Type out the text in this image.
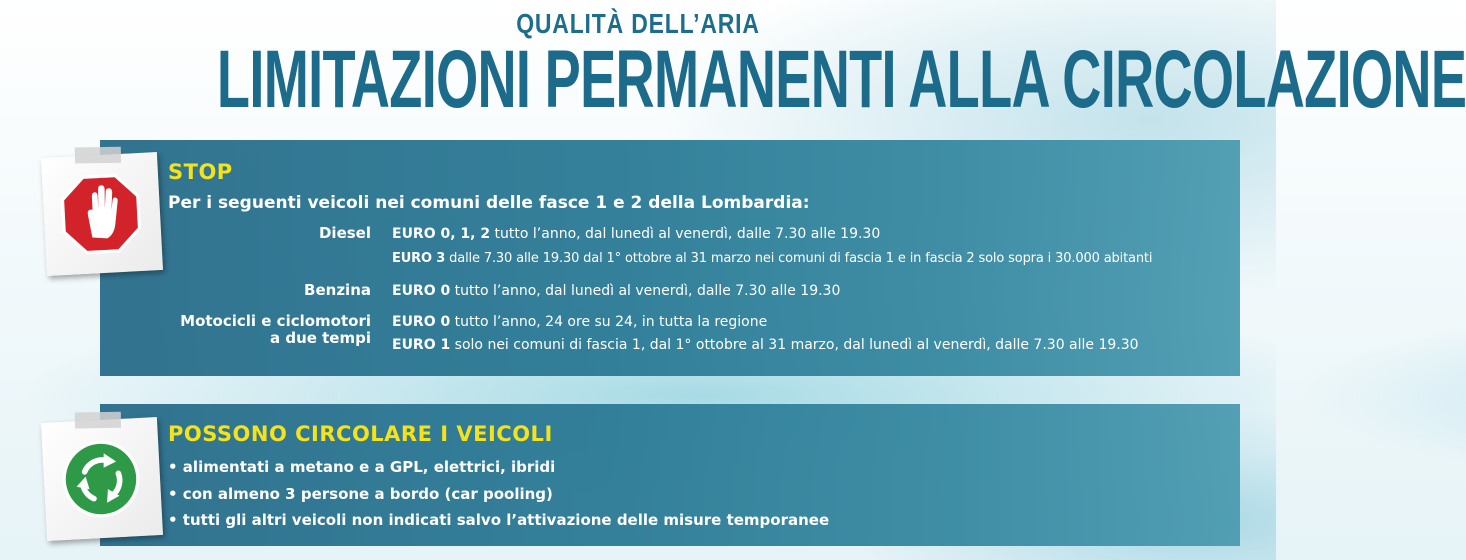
QUALITÀ DELL’ARIA
LIMITAZIONI PERMANENTI ALLA CIRCOLAZIONE
STOP
Per i seguenti veicoli nei comuni delle fasce 1 e 2 della Lombardia:
Diesel EURO 0, 1, 2 tutto l’anno, dal lunedì al venerdì, dalle 7.30 alle 19.30
EURO 3 dalle 7.30 alle 19.30 dal 1° ottobre al 31 marzo nei comuni di fascia 1 e in fascia 2 solo sopra i 30.000 abitanti
Benzina EURO 0 tutto l’anno, dal lunedì al venerdì, dalle 7.30 alle 19.30
Motocicli e ciclomotori
a due tempi
EURO 0 tutto l’anno, 24 ore su 24, in tutta la regione
EURO 1 solo nei comuni di fascia 1, dal 1° ottobre al 31 marzo, dal lunedì al venerdì, dalle 7.30 alle 19.30
POSSONO CIRCOLARE I VEICOLI
• alimentati a metano e a GPL, elettrici, ibridi
• con almeno 3 persone a bordo (car pooling)
• tutti gli altri veicoli non indicati salvo l’attivazione delle misure temporanee
